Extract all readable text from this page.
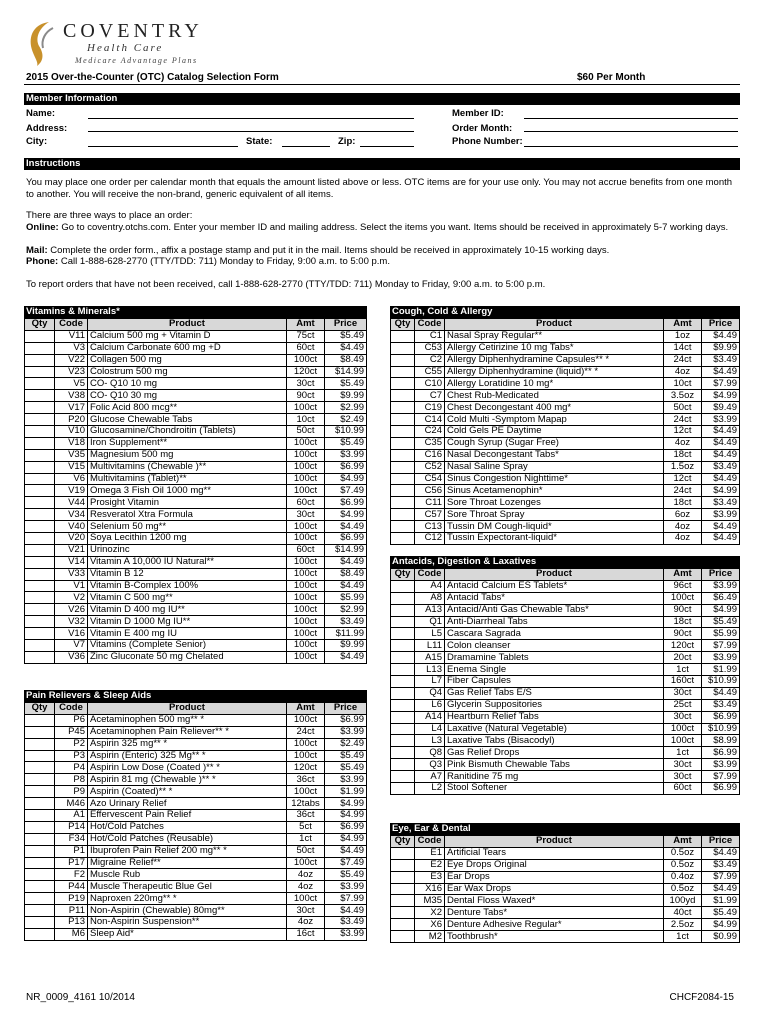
COVENTRY
Health Care
Medicare Advantage Plans
2015 Over-the-Counter (OTC) Catalog Selection Form	$60 Per Month
Member Information
Name:	Member ID:
Address:	Order Month:
City:	State:	Zip:	Phone Number:
Instructions
You may place one order per calendar month that equals the amount listed above or less. OTC items are for your use only. You may not accrue benefits from one month to another. You will receive the non-brand, generic equivalent of all items.
There are three ways to place an order:
Online: Go to coventry.otchs.com. Enter your member ID and mailing address. Select the items you want. Items should be received in approximately 5-7 working days.
Mail: Complete the order form., affix a postage stamp and put it in the mail. Items should be received in approximately 10-15 working days.
Phone: Call 1-888-628-2770 (TTY/TDD: 711) Monday to Friday, 9:00 a.m. to 5:00 p.m.
To report orders that have not been received, call 1-888-628-2770 (TTY/TDD: 711) Monday to Friday, 9:00 a.m. to 5:00 p.m.
Vitamins & Minerals*
Qty	Code	Product	Amt	Price
	V11	Calcium 500 mg + Vitamin D	75ct	$5.49
	V3	Calcium Carbonate 600 mg +D	60ct	$4.49
	V22	Collagen 500 mg	100ct	$8.49
	V23	Colostrum 500 mg	120ct	$14.99
	V5	CO- Q10 10 mg	30ct	$5.49
	V38	CO- Q10 30 mg	90ct	$9.99
	V17	Folic Acid 800 mcg**	100ct	$2.99
	P20	Glucose Chewable Tabs	10ct	$2.49
	V10	Glucosamine/Chondroitin (Tablets)	50ct	$10.99
	V18	Iron Supplement**	100ct	$5.49
	V35	Magnesium 500 mg	100ct	$3.99
	V15	Multivitamins (Chewable )**	100ct	$6.99
	V6	Multivitamins (Tablet)**	100ct	$4.99
	V19	Omega 3 Fish Oil 1000 mg**	100ct	$7.49
	V44	Prosight Vitamin	60ct	$6.99
	V34	Resveratol Xtra Formula	30ct	$4.99
	V40	Selenium 50 mg**	100ct	$4.49
	V20	Soya Lecithin 1200 mg	100ct	$6.99
	V21	Urinozinc	60ct	$14.99
	V14	Vitamin A 10,000 IU Natural**	100ct	$4.49
	V33	Vitamin B 12	100ct	$8.49
	V1	Vitamin B-Complex 100%	100ct	$4.49
	V2	Vitamin C 500 mg**	100ct	$5.99
	V26	Vitamin D 400 mg IU**	100ct	$2.99
	V32	Vitamin D 1000 Mg IU**	100ct	$3.49
	V16	Vitamin E 400 mg IU	100ct	$11.99
	V7	Vitamins (Complete Senior)	100ct	$9.99
	V36	Zinc Gluconate 50 mg Chelated	100ct	$4.49
Pain Relievers & Sleep Aids
Qty	Code	Product	Amt	Price
	P6	Acetaminophen 500 mg** *	100ct	$6.99
	P45	Acetaminophen Pain Reliever** *	24ct	$3.99
	P2	Aspirin 325 mg** *	100ct	$2.49
	P3	Aspirin (Enteric) 325 Mg** *	100ct	$5.49
	P4	Aspirin Low Dose (Coated )** *	120ct	$5.49
	P8	Aspirin 81 mg (Chewable )** *	36ct	$3.99
	P9	Aspirin (Coated)** *	100ct	$1.99
	M46	Azo Urinary Relief	12tabs	$4.99
	A1	Effervescent Pain Relief	36ct	$4.99
	P14	Hot/Cold Patches	5ct	$6.99
	F34	Hot/Cold Patches (Reusable)	1ct	$4.99
	P1	Ibuprofen Pain Relief 200 mg** *	50ct	$4.49
	P17	Migraine Relief**	100ct	$7.49
	F2	Muscle Rub	4oz	$5.49
	P44	Muscle Therapeutic Blue Gel	4oz	$3.99
	P19	Naproxen 220mg** *	100ct	$7.99
	P11	Non-Aspirin (Chewable) 80mg**	30ct	$4.49
	P13	Non-Aspirin Suspension**	4oz	$3.49
	M6	Sleep Aid*	16ct	$3.99
Cough, Cold & Allergy
Qty	Code	Product	Amt	Price
	C1	Nasal Spray Regular**	1oz	$4.49
	C53	Allergy Cetirizine 10 mg Tabs*	14ct	$9.99
	C2	Allergy Diphenhydramine Capsules** *	24ct	$3.49
	C55	Allergy Diphenhydramine (liquid)** *	4oz	$4.49
	C10	Allergy Loratidine 10 mg*	10ct	$7.99
	C7	Chest Rub-Medicated	3.5oz	$4.99
	C19	Chest Decongestant 400 mg*	50ct	$9.49
	C14	Cold Multi -Symptom Mapap	24ct	$3.99
	C24	Cold Gels PE Daytime	12ct	$4.49
	C35	Cough Syrup (Sugar Free)	4oz	$4.49
	C16	Nasal Decongestant Tabs*	18ct	$4.49
	C52	Nasal Saline Spray	1.5oz	$3.49
	C54	Sinus Congestion Nighttime*	12ct	$4.49
	C56	Sinus Acetamenophin*	24ct	$4.99
	C11	Sore Throat Lozenges	18ct	$3.49
	C57	Sore Throat Spray	6oz	$3.99
	C13	Tussin DM Cough-liquid*	4oz	$4.49
	C12	Tussin Expectorant-liquid*	4oz	$4.49
Antacids, Digestion & Laxatives
Qty	Code	Product	Amt	Price
	A4	Antacid Calcium ES Tablets*	96ct	$3.99
	A8	Antacid Tabs*	100ct	$6.49
	A13	Antacid/Anti Gas Chewable Tabs*	90ct	$4.99
	Q1	Anti-Diarrheal Tabs	18ct	$5.49
	L5	Cascara Sagrada	90ct	$5.99
	L11	Colon cleanser	120ct	$7.99
	A15	Dramamine Tablets	20ct	$3.99
	L13	Enema Single	1ct	$1.99
	L7	Fiber Capsules	160ct	$10.99
	Q4	Gas Relief Tabs E/S	30ct	$4.49
	L6	Glycerin Suppositories	25ct	$3.49
	A14	Heartburn Relief Tabs	30ct	$6.99
	L4	Laxative (Natural Vegetable)	100ct	$10.99
	L3	Laxative Tabs (Bisacodyl)	100ct	$8.99
	Q8	Gas Relief Drops	1ct	$6.99
	Q3	Pink Bismuth Chewable Tabs	30ct	$3.99
	A7	Ranitidine 75 mg	30ct	$7.99
	L2	Stool Softener	60ct	$6.99
Eye, Ear & Dental
Qty	Code	Product	Amt	Price
	E1	Artificial Tears	0.5oz	$4.49
	E2	Eye Drops Original	0.5oz	$3.49
	E3	Ear Drops	0.4oz	$7.99
	X16	Ear Wax Drops	0.5oz	$4.49
	M35	Dental Floss Waxed*	100yd	$1.99
	X2	Denture Tabs*	40ct	$5.49
	X6	Denture Adhesive Regular*	2.5oz	$4.99
	M2	Toothbrush*	1ct	$0.99
NR_0009_4161 10/2014	CHCF2084-15
